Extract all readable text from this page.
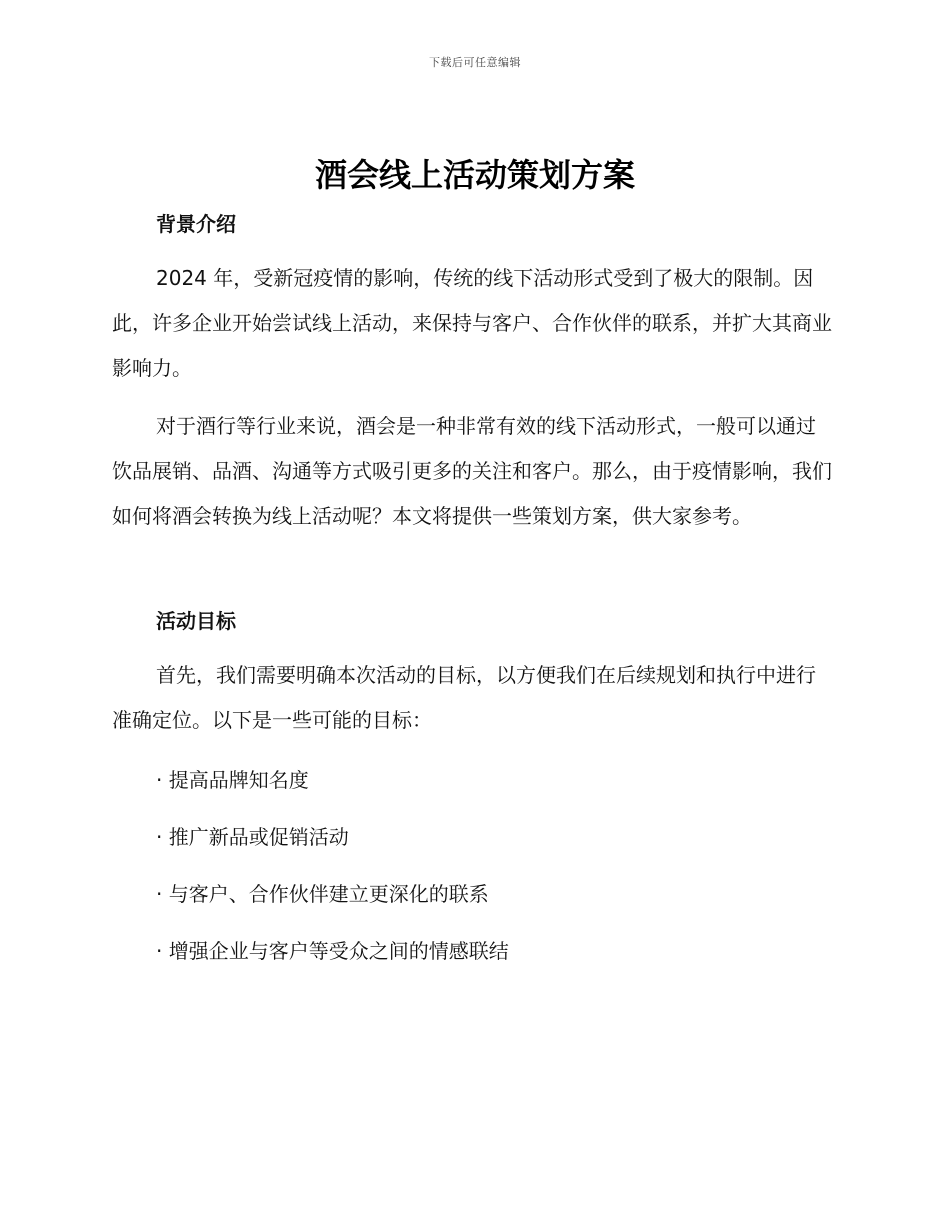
下载后可任意编辑
酒会线上活动策划方案
背景介绍
2024 年，受新冠疫情的影响，传统的线下活动形式受到了极大的限制。因此，许多企业开始尝试线上活动，来保持与客户、合作伙伴的联系，并扩大其商业影响力。
对于酒行等行业来说，酒会是一种非常有效的线下活动形式，一般可以通过饮品展销、品酒、沟通等方式吸引更多的关注和客户。那么，由于疫情影响，我们如何将酒会转换为线上活动呢？本文将提供一些策划方案，供大家参考。
活动目标
首先，我们需要明确本次活动的目标，以方便我们在后续规划和执行中进行准确定位。以下是一些可能的目标：
· 提高品牌知名度
· 推广新品或促销活动
· 与客户、合作伙伴建立更深化的联系
· 增强企业与客户等受众之间的情感联结
